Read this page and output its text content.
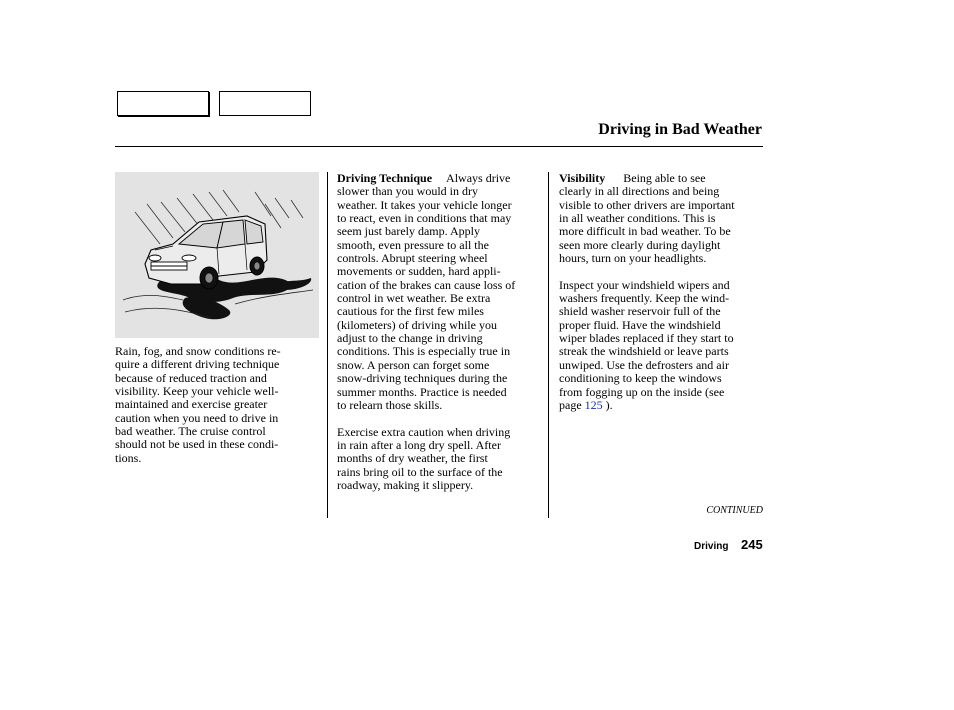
Driving in Bad Weather

Rain, fog, and snow conditions re-

quire a different driving technique

because of reduced traction and

visibility. Keep your vehicle well-

maintained and exercise greater

caution when you need to drive in

bad weather. The cruise control

should not be used in these condi-

tions.

Driving Technique Always drive

slower than you would in dry

weather. It takes your vehicle longer

to react, even in conditions that may

seem just barely damp. Apply

smooth, even pressure to all the

controls. Abrupt steering wheel

movements or sudden, hard appli-

cation of the brakes can cause loss of

control in wet weather. Be extra

cautious for the first few miles

(kilometers) of driving while you

adjust to the change in driving

conditions. This is especially true in

snow. A person can forget some

snow-driving techniques during the

summer months. Practice is needed

to relearn those skills.

Exercise extra caution when driving

in rain after a long dry spell. After

months of dry weather, the first

rains bring oil to the surface of the

roadway, making it slippery.

Visibility Being able to see

clearly in all directions and being

visible to other drivers are important

in all weather conditions. This is

more difficult in bad weather. To be

seen more clearly during daylight

hours, turn on your headlights.

Inspect your windshield wipers and

washers frequently. Keep the wind-

shield washer reservoir full of the

proper fluid. Have the windshield

wiper blades replaced if they start to

streak the windshield or leave parts

unwiped. Use the defrosters and air

conditioning to keep the windows

from fogging up on the inside (see

page 125 ).

CONTINUED
Driving 245
